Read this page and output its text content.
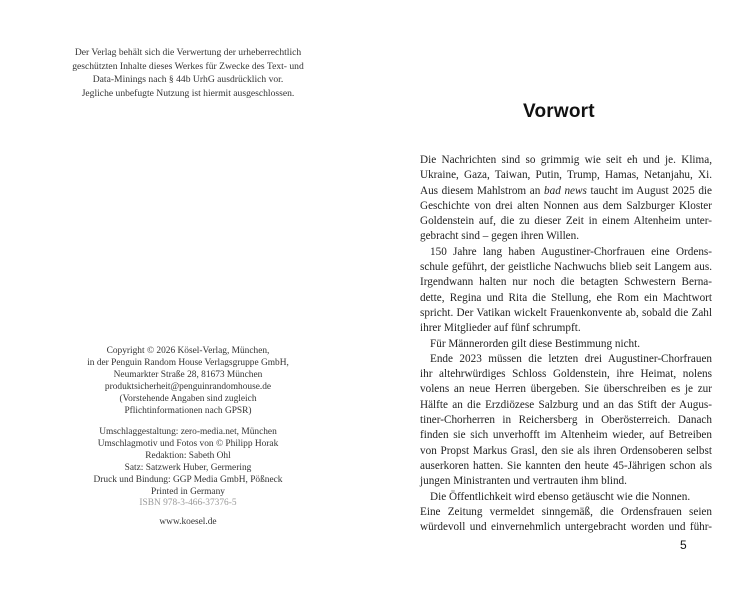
Der Verlag behält sich die Verwertung der urheberrechtlich
geschützten Inhalte dieses Werkes für Zwecke des Text- und
Data-Minings nach § 44b UrhG ausdrücklich vor.
Jegliche unbefugte Nutzung ist hiermit ausgeschlossen.
Copyright © 2026 Kösel-Verlag, München,
in der Penguin Random House Verlagsgruppe GmbH,
Neumarkter Straße 28, 81673 München
produktsicherheit@penguinrandomhouse.de
(Vorstehende Angaben sind zugleich
Pflichtinformationen nach GPSR)
Umschlaggestaltung: zero-media.net, München
Umschlagmotiv und Fotos von © Philipp Horak
Redaktion: Sabeth Ohl
Satz: Satzwerk Huber, Germering
Druck und Bindung: GGP Media GmbH, Pößneck
Printed in Germany
ISBN 978-3-466-37376-5
www.koesel.de
Vorwort
Die Nachrichten sind so grimmig wie seit eh und je. Klima,
Ukraine, Gaza, Taiwan, Putin, Trump, Hamas, Netanjahu, Xi.
Aus diesem Mahlstrom an bad news taucht im August 2025 die
Geschichte von drei alten Nonnen aus dem Salzburger Kloster
Goldenstein auf, die zu dieser Zeit in einem Altenheim unter-
gebracht sind – gegen ihren Willen.
150 Jahre lang haben Augustiner-Chorfrauen eine Ordens-
schule geführt, der geistliche Nachwuchs blieb seit Langem aus.
Irgendwann halten nur noch die betagten Schwestern Berna-
dette, Regina und Rita die Stellung, ehe Rom ein Machtwort
spricht. Der Vatikan wickelt Frauenkonvente ab, sobald die Zahl
ihrer Mitglieder auf fünf schrumpft.
Für Männerorden gilt diese Bestimmung nicht.
Ende 2023 müssen die letzten drei Augustiner-Chorfrauen
ihr altehrwürdiges Schloss Goldenstein, ihre Heimat, nolens
volens an neue Herren übergeben. Sie überschreiben es je zur
Hälfte an die Erzdiözese Salzburg und an das Stift der Augus-
tiner-Chorherren in Reichersberg in Oberösterreich. Danach
finden sie sich unverhofft im Altenheim wieder, auf Betreiben
von Propst Markus Grasl, den sie als ihren Ordensoberen selbst
auserkoren hatten. Sie kannten den heute 45-Jährigen schon als
jungen Ministranten und vertrauten ihm blind.
Die Öffentlichkeit wird ebenso getäuscht wie die Nonnen.
Eine Zeitung vermeldet sinngemäß, die Ordensfrauen seien
würdevoll und einvernehmlich untergebracht worden und führ-
5
